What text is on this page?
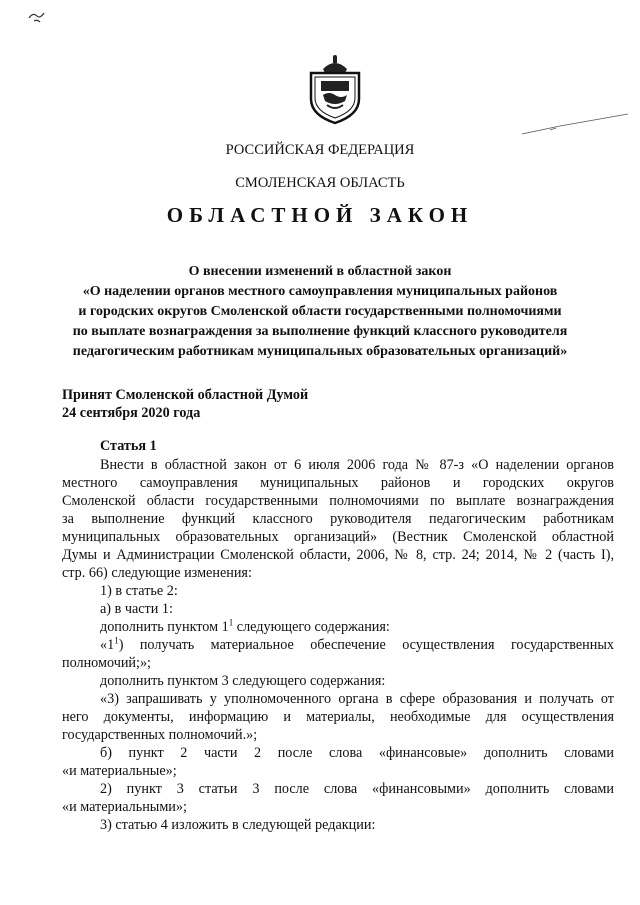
РОССИЙСКАЯ ФЕДЕРАЦИЯ
СМОЛЕНСКАЯ ОБЛАСТЬ
ОБЛАСТНОЙ ЗАКОН
О внесении изменений в областной закон
«О наделении органов местного самоуправления муниципальных районов
и городских округов Смоленской области государственными полномочиями
по выплате вознаграждения за выполнение функций классного руководителя
педагогическим работникам муниципальных образовательных организаций»
Принят Смоленской областной Думой
24 сентября 2020 года
Статья 1
Внести в областной закон от 6 июля 2006 года № 87-з «О наделении органов
местного самоуправления муниципальных районов и городских округов
Смоленской области государственными полномочиями по выплате вознаграждения
за выполнение функций классного руководителя педагогическим работникам
муниципальных образовательных организаций» (Вестник Смоленской областной
Думы и Администрации Смоленской области, 2006, № 8, стр. 24; 2014, № 2 (часть I),
стр. 66) следующие изменения:
1) в статье 2:
а) в части 1:
дополнить пунктом $1^1$ следующего содержания:
«$1^1$) получать материальное обеспечение осуществления государственных
полномочий;»;
дополнить пунктом 3 следующего содержания:
«3) запрашивать у уполномоченного органа в сфере образования и получать от
него документы, информацию и материалы, необходимые для осуществления
государственных полномочий.»;
б) пункт 2 части 2 после слова «финансовые» дополнить словами
«и материальные»;
2) пункт 3 статьи 3 после слова «финансовыми» дополнить словами
«и материальными»;
3) статью 4 изложить в следующей редакции:
